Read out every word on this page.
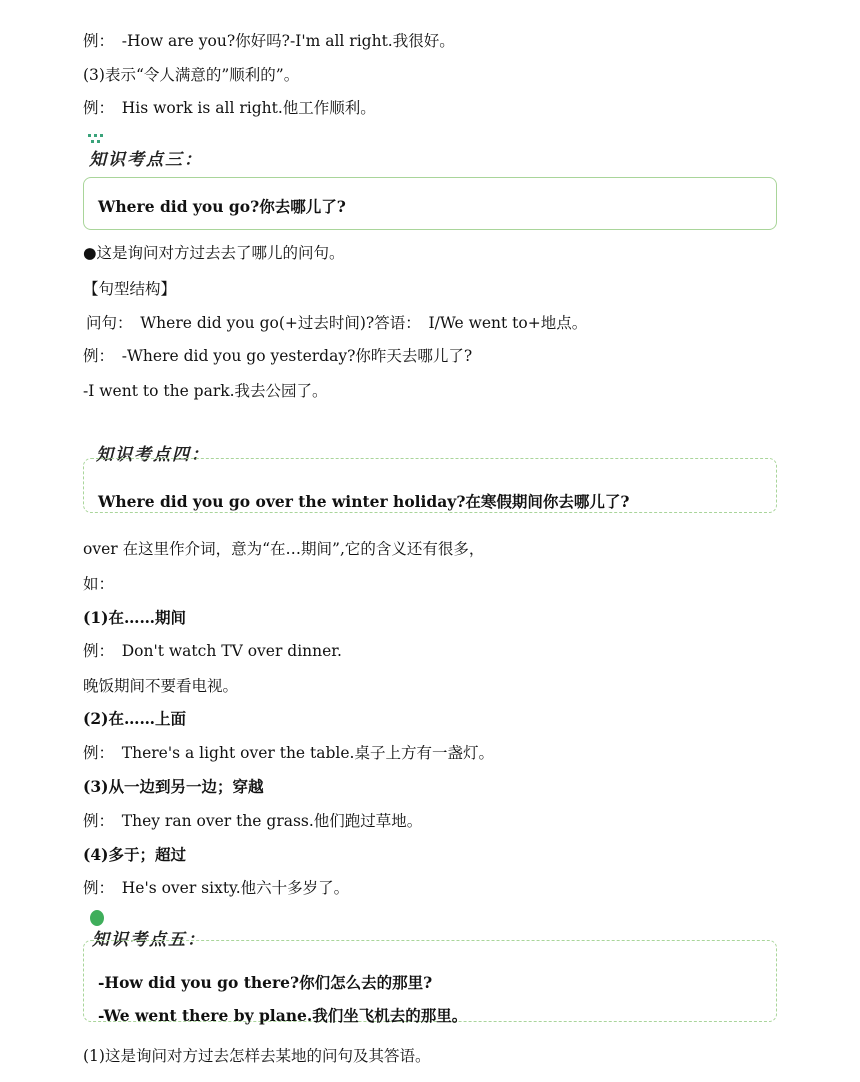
例：　-How are you?你好吗?-I'm all right.我很好。
(3)表示“令人满意的”顺利的”。
例：　His work is all right.他工作顺利。
知识考点三：
Where did you go?你去哪儿了?
●这是询问对方过去去了哪儿的问句。
【句型结构】
问句：　Where did you go(+过去时间)?答语：　I/We went to+地点。
例：　-Where did you go yesterday?你昨天去哪儿了?
-I went to the park.我去公园了。
知识考点四：
Where did you go over the winter holiday?在寒假期间你去哪儿了?
over 在这里作介词，意为“在…期间”,它的含义还有很多，
如：
(1)在……期间
例：　Don't watch TV over dinner.
晚饭期间不要看电视。
(2)在……上面
例：　There's a light over the table.桌子上方有一盏灯。
(3)从一边到另一边；穿越
例：　They ran over the grass.他们跑过草地。
(4)多于；超过
例：　He's over sixty.他六十多岁了。
知识考点五：
-How did you go there?你们怎么去的那里?
-We went there by plane.我们坐飞机去的那里。
(1)这是询问对方过去怎样去某地的问句及其答语。
